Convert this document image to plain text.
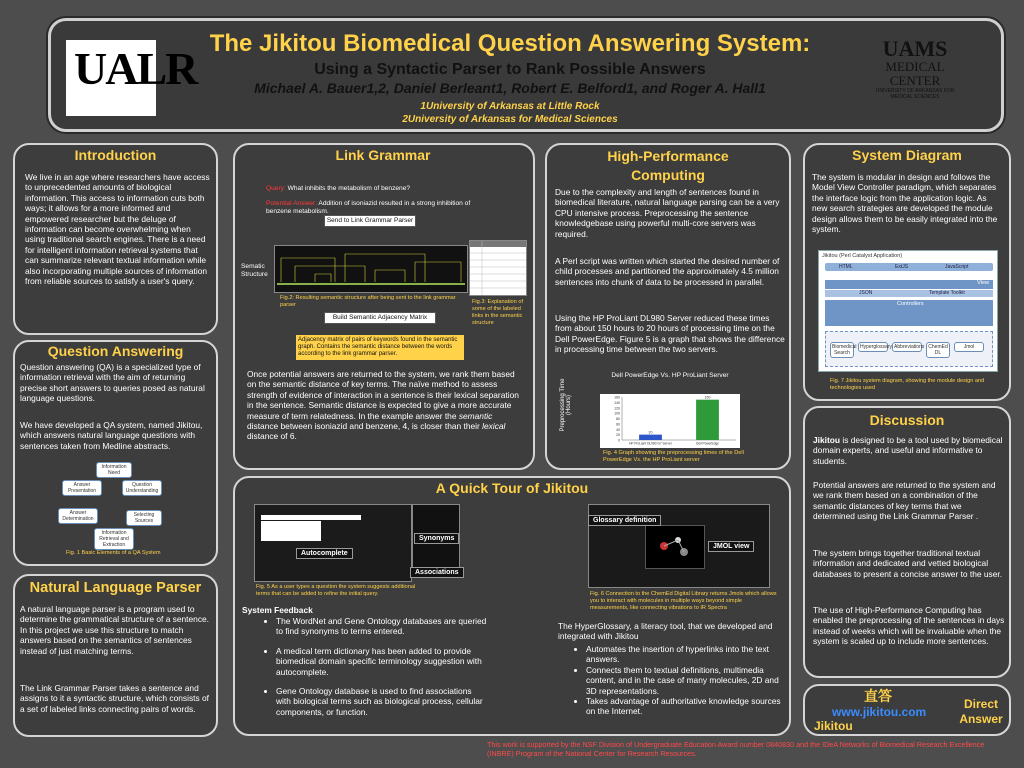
UALR	UAMS
MEDICAL
CENTER
UNIVERSITY OF ARKANSAS FOR MEDICAL SCIENCES
The Jikitou Biomedical Question Answering System:
Using a Syntactic Parser to Rank Possible Answers
Michael A. Bauer1,2, Daniel Berleant1, Robert E. Belford1, and Roger A. Hall1
1University of Arkansas at Little Rock
2University of Arkansas for Medical Sciences
Introduction
We live in an age where researchers have access to unprecedented amounts of biological information. This access to information cuts both ways; it allows for a more informed and empowered researcher but the deluge of information can become overwhelming when using traditional search engines. There is a need for intelligent information retrieval systems that can summarize relevant textual information while also incorporating multiple sources of information from reliable sources to satisfy a user's query.
Question Answering
Question answering (QA) is a specialized type of information retrieval with the aim of returning precise short answers to queries posed as natural language questions.
We have developed a QA system, named Jikitou, which answers natural language questions with sentences taken from Medline abstracts.
Information Need
Answer Presentation
Question Understanding
Answer Determination
Selecting Sources
Information Retrieval and Extraction
Fig. 1 Basic Elements of a QA System
Natural Language Parser
A natural language parser is a program used to determine the grammatical structure of a sentence. In this project we use this structure to match answers based on the semantics of sentences instead of just matching terms.
The Link Grammar Parser takes a sentence and assigns to it a syntactic structure, which consists of a set of labeled links connecting pairs of words.
Link Grammar

Query: What inhibits the metabolism of benzene?

Potential Answer: Addition of isoniazid resulted in a strong inhibition of benzene metabolism.

Send to Link Grammar Parser
Sematic Structure
Fig.2: Resulting semantic structure after being sent to the link grammar parser	Fig.3: Explanation of some of the labeled links in the semantic structure
Build Semantic Adjacency Matrix
Adjacency matrix of pairs of keywords found in the semantic graph. Contains the semantic distance between the words according to the link grammar parser.
Once potential answers are returned to the system, we rank them based on the semantic distance of key terms. The naïve method to assess strength of evidence of interaction in a sentence is their lexical separation in the sentence. Semantic distance is expected to give a more accurate measure of term relatedness. In the example answer the semantic distance between isoniazid and benzene, 4, is closer than their lexical distance of 6.
High-Performance Computing
Due to the complexity and length of sentences found in biomedical literature, natural language parsing can be a very CPU intensive process. Preprocessing the sentence knowledgebase using powerful multi-core servers was required.
A Perl script was written which started the desired number of child processes and partitioned the approximately 4.5 million sentences into chunk of data to be processed in parallel.
Using the HP ProLiant DL980 Server reduced these times from about 150 hours to 20 hours of processing time on the Dell PowerEdge. Figure 5 is a graph that shows the difference in processing time between the two servers.
Dell PowerEdge Vs. HP ProLiant Server
160
140
120
100
80
60
40
20
0
20
HP ProLiant DL980 G7 Server
150
Dell PowerEdge
Preprocessing Time (Hours)
Fig. 4 Graph showing the preprocessing times of the Dell PowerEdge Vs. the HP ProLiant server
System Diagram
The system is modular in design and follows the Model View Controller paradigm, which separates the interface logic from the application logic. As new search strategies are developed the module design allows them to be easily integrated into the system.
Jikitou (Perl Catalyst Application)
HTML	ExtJS	JavaScript
View
JSON	Template Toolkit
Controllers
Biomedical Search
Hyperglossary Abbreviations ChemEd DL
Jmol
Fig. 7 Jikitou system diagram, showing the module design and technologies used
A Quick Tour of Jikitou
Autocomplete
Synonyms
Associations
Fig. 5 As a user types a question the system suggests additional terms that can be added to refine the initial query.
System Feedback
• The WordNet and Gene Ontology databases are queried to find synonyms to terms entered.
• A medical term dictionary has been added to provide biomedical domain specific terminology suggestion with autocomplete.
• Gene Ontology database is used to find associations with biological terms such as biological process, cellular components, or function.
Glossary definition
JMOL view
Fig. 6 Connection to the ChemEd Digital Library returns Jmols which allows you to interact with molecules in multiple ways beyond simple measurements, like connecting vibrations to IR Spectra
The HyperGlossary, a literacy tool, that we developed and integrated with Jikitou
• Automates the insertion of hyperlinks into the text answers.
• Connects them to textual definitions, multimedia content, and in the case of many molecules, 2D and 3D representations.
• Takes advantage of authoritative knowledge sources on the Internet.
Discussion
Jikitou is designed to be a tool used by biomedical domain experts, and useful and informative to students.
Potential answers are returned to the system and we rank them based on a combination of the semantic distances of key terms that we determined using the Link Grammar Parser .
The system brings together traditional textual information and dedicated and vetted biological databases to present a concise answer to the user.
The use of High-Performance Computing has enabled the preprocessing of the sentences in days instead of weeks which will be invaluable when the system is scaled up to include more sentences.
直答
www.jikitou.com
Jikitou
Direct Answer
This work is supported by the NSF Division of Undergraduate Education Award number 0840830 and the IDeA Networks of Biomedical Research Excellence (INBRE) Program of the National Center for Research Resources.
